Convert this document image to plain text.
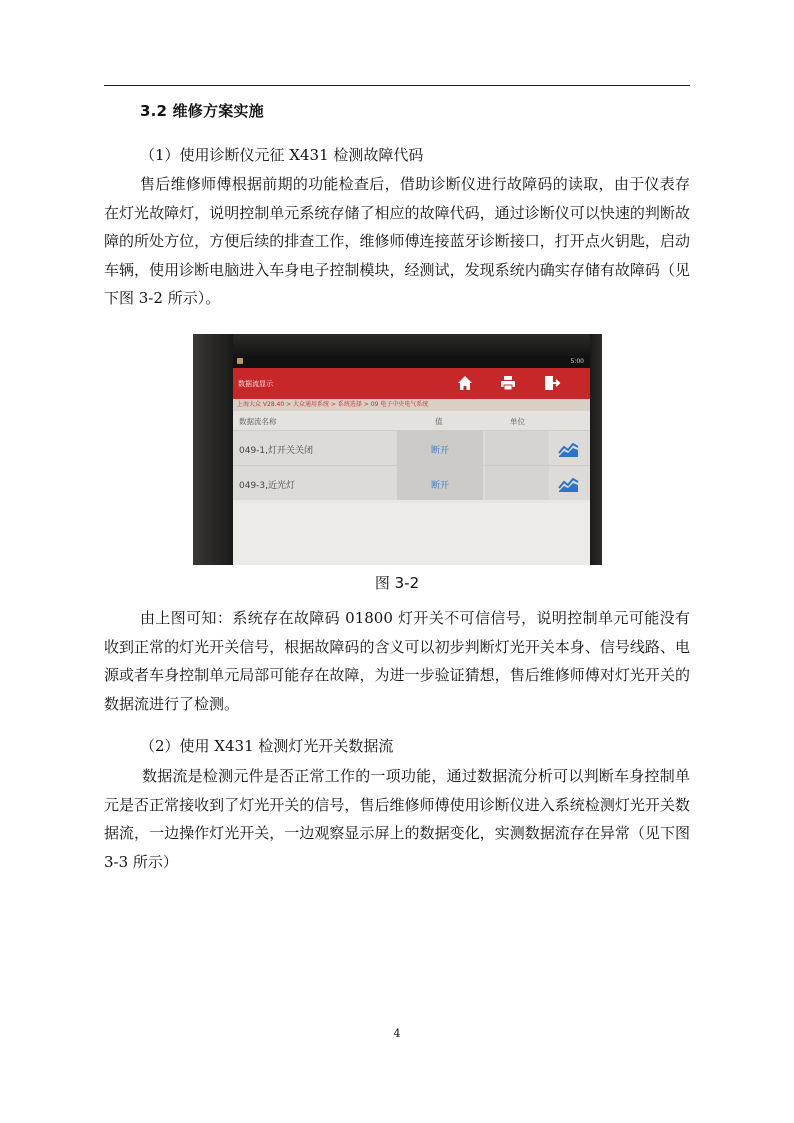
3.2 维修方案实施
（1）使用诊断仪元征 X431 检测故障代码
售后维修师傅根据前期的功能检查后，借助诊断仪进行故障码的读取，由于仪表存在灯光故障灯，说明控制单元系统存储了相应的故障代码，通过诊断仪可以快速的判断故障的所处方位，方便后续的排查工作，维修师傅连接蓝牙诊断接口，打开点火钥匙，启动车辆，使用诊断电脑进入车身电子控制模块，经测试，发现系统内确实存储有故障码（见下图 3-2 所示）。
5:00
数据流显示
上海大众 V28.40 > 大众通用系统 > 系统选择 > 09 电子中央电气系统
数据流名称	值	单位
049-1,灯开关关闭	断开
049-3,近光灯	断开
图 3-2
由上图可知：系统存在故障码 01800 灯开关不可信信号，说明控制单元可能没有收到正常的灯光开关信号，根据故障码的含义可以初步判断灯光开关本身、信号线路、电源或者车身控制单元局部可能存在故障，为进一步验证猜想，售后维修师傅对灯光开关的数据流进行了检测。
（2）使用 X431 检测灯光开关数据流
数据流是检测元件是否正常工作的一项功能，通过数据流分析可以判断车身控制单元是否正常接收到了灯光开关的信号，售后维修师傅使用诊断仪进入系统检测灯光开关数据流，一边操作灯光开关，一边观察显示屏上的数据变化，实测数据流存在异常（见下图 3-3 所示）
4
